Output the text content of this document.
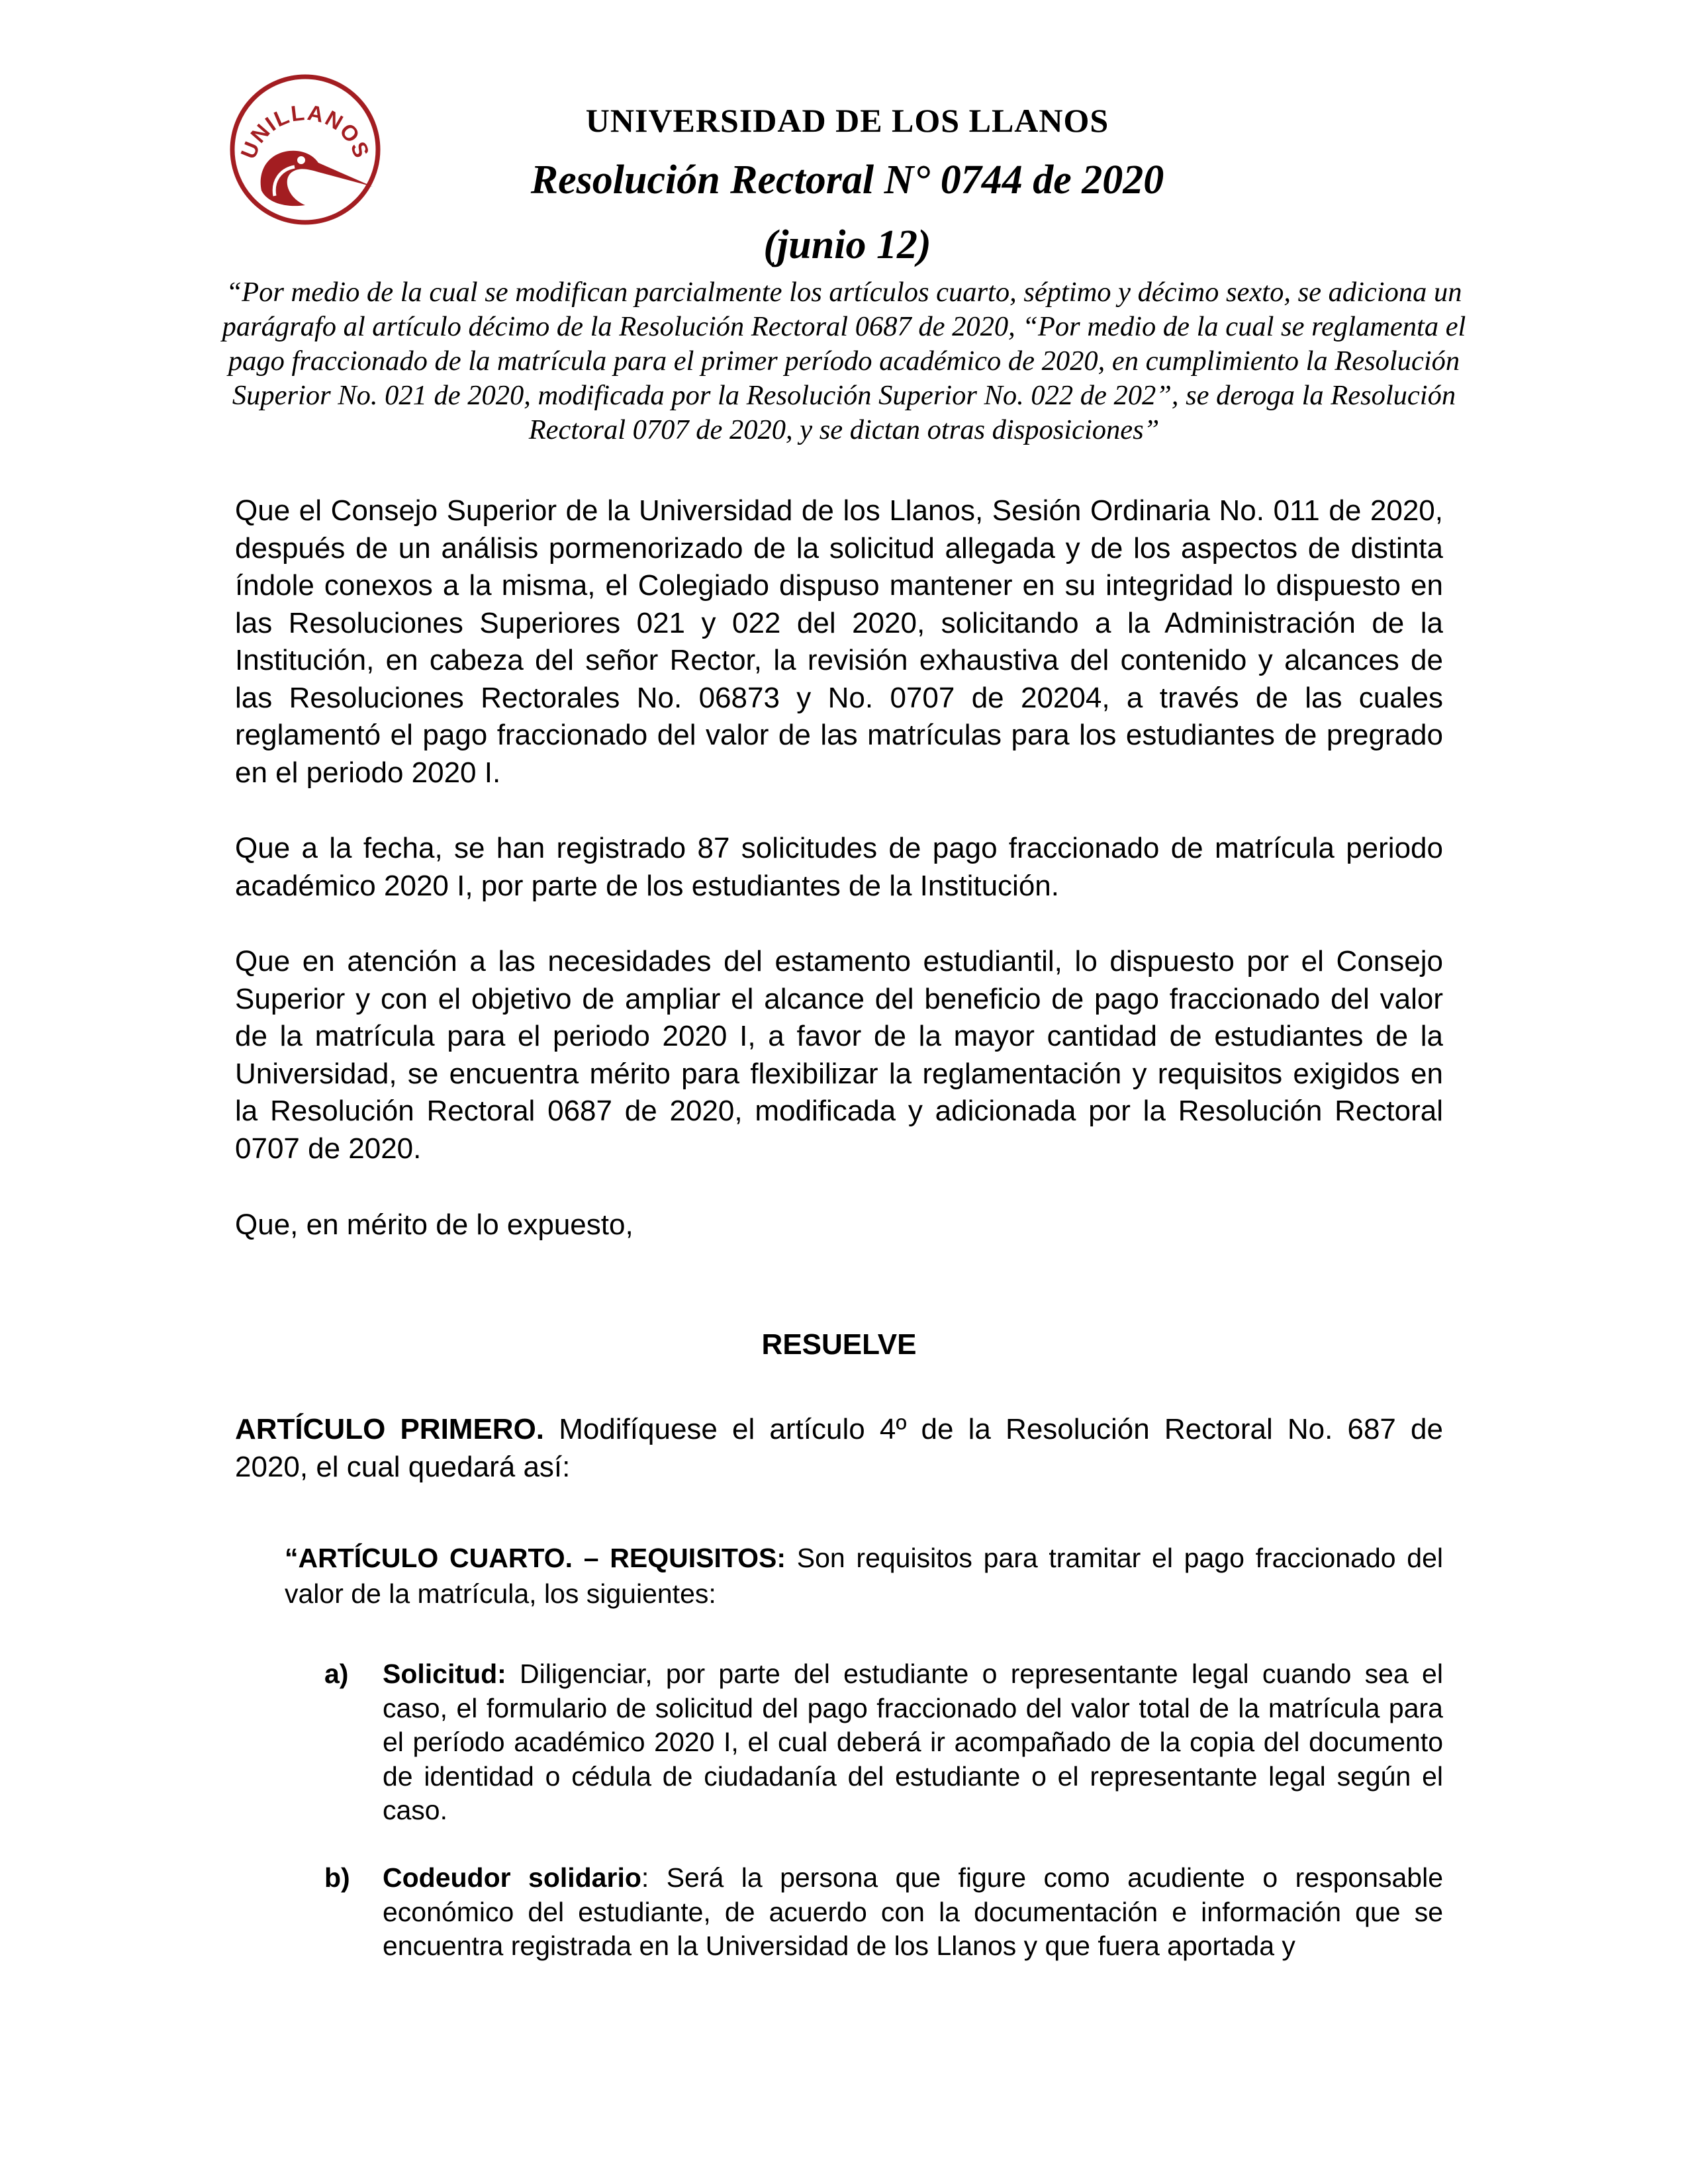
UNILLANOS

UNIVERSIDAD DE LOS LLANOS

Resolución Rectoral N° 0744 de 2020

(junio 12)

“Por medio de la cual se modifican parcialmente los artículos cuarto, séptimo y décimo sexto, se adiciona un parágrafo al artículo décimo de la Resolución Rectoral 0687 de 2020, “Por medio de la cual se reglamenta el pago fraccionado de la matrícula para el primer período académico de 2020, en cumplimiento la Resolución Superior No. 021 de 2020, modificada por la Resolución Superior No. 022 de 202”, se deroga la Resolución Rectoral 0707 de 2020, y se dictan otras disposiciones”

Que el Consejo Superior de la Universidad de los Llanos, Sesión Ordinaria No. 011 de 2020, después de un análisis pormenorizado de la solicitud allegada y de los aspectos de distinta índole conexos a la misma, el Colegiado dispuso mantener en su integridad lo dispuesto en las Resoluciones Superiores 021 y 022 del 2020, solicitando a la Administración de la Institución, en cabeza del señor Rector, la revisión exhaustiva del contenido y alcances de las Resoluciones Rectorales No. 06873 y No. 0707 de 20204, a través de las cuales reglamentó el pago fraccionado del valor de las matrículas para los estudiantes de pregrado en el periodo 2020 I.

Que a la fecha, se han registrado 87 solicitudes de pago fraccionado de matrícula periodo académico 2020 I, por parte de los estudiantes de la Institución.

Que en atención a las necesidades del estamento estudiantil, lo dispuesto por el Consejo Superior y con el objetivo de ampliar el alcance del beneficio de pago fraccionado del valor de la matrícula para el periodo 2020 I, a favor de la mayor cantidad de estudiantes de la Universidad, se encuentra mérito para flexibilizar la reglamentación y requisitos exigidos en la Resolución Rectoral 0687 de 2020, modificada y adicionada por la Resolución Rectoral 0707 de 2020.

Que, en mérito de lo expuesto,

RESUELVE

ARTÍCULO PRIMERO. Modifíquese el artículo 4º de la Resolución Rectoral No. 687 de 2020, el cual quedará así:

“ARTÍCULO CUARTO. – REQUISITOS: Son requisitos para tramitar el pago fraccionado del valor de la matrícula, los siguientes:

a) Solicitud: Diligenciar, por parte del estudiante o representante legal cuando sea el caso, el formulario de solicitud del pago fraccionado del valor total de la matrícula para el período académico 2020 I, el cual deberá ir acompañado de la copia del documento de identidad o cédula de ciudadanía del estudiante o el representante legal según el caso.

b) Codeudor solidario: Será la persona que figure como acudiente o responsable económico del estudiante, de acuerdo con la documentación e información que se encuentra registrada en la Universidad de los Llanos y que fuera aportada y
